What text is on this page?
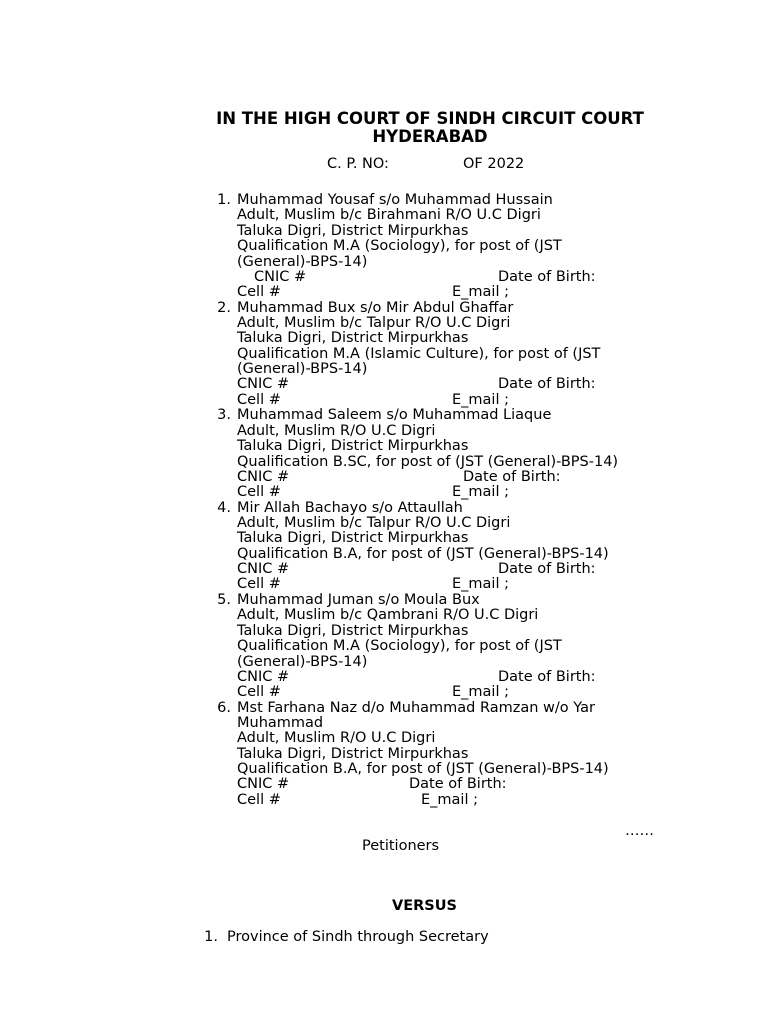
IN THE HIGH COURT OF SINDH CIRCUIT COURT
HYDERABAD
C. P. NO:	OF 2022
1. Muhammad Yousaf s/o Muhammad Hussain
Adult, Muslim b/c Birahmani R/O U.C Digri
Taluka Digri, District Mirpurkhas
Qualification M.A (Sociology), for post of (JST
(General)-BPS-14)
CNIC #	Date of Birth:
Cell #	E_mail ;
2. Muhammad Bux s/o Mir Abdul Ghaffar
Adult, Muslim b/c Talpur R/O U.C Digri
Taluka Digri, District Mirpurkhas
Qualification M.A (Islamic Culture), for post of (JST
(General)-BPS-14)
CNIC #	Date of Birth:
Cell #	E_mail ;
3. Muhammad Saleem s/o Muhammad Liaque
Adult, Muslim R/O U.C Digri
Taluka Digri, District Mirpurkhas
Qualification B.SC, for post of (JST (General)-BPS-14)
CNIC #	Date of Birth:
Cell #	E_mail ;
4. Mir Allah Bachayo s/o Attaullah
Adult, Muslim b/c Talpur R/O U.C Digri
Taluka Digri, District Mirpurkhas
Qualification B.A, for post of (JST (General)-BPS-14)
CNIC #	Date of Birth:
Cell #	E_mail ;
5. Muhammad Juman s/o Moula Bux
Adult, Muslim b/c Qambrani R/O U.C Digri
Taluka Digri, District Mirpurkhas
Qualification M.A (Sociology), for post of (JST
(General)-BPS-14)
CNIC #	Date of Birth:
Cell #	E_mail ;
6. Mst Farhana Naz d/o Muhammad Ramzan w/o Yar
Muhammad
Adult, Muslim R/O U.C Digri
Taluka Digri, District Mirpurkhas
Qualification B.A, for post of (JST (General)-BPS-14)
CNIC #	Date of Birth:
Cell #	E_mail ;
……
Petitioners
VERSUS
1. Province of Sindh through Secretary
